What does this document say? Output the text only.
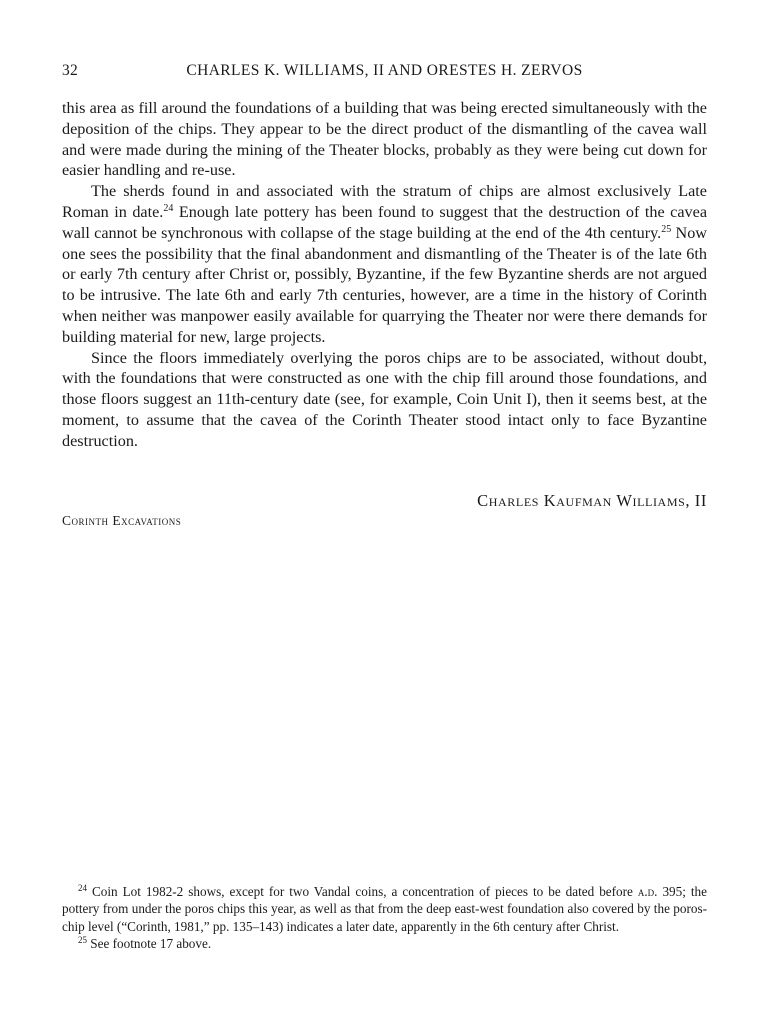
32	CHARLES K. WILLIAMS, II AND ORESTES H. ZERVOS

this area as fill around the foundations of a building that was being erected simultaneously with the deposition of the chips. They appear to be the direct product of the dismantling of the cavea wall and were made during the mining of the Theater blocks, probably as they were being cut down for easier handling and re-use.

The sherds found in and associated with the stratum of chips are almost exclusively Late Roman in date.$^{24}$ Enough late pottery has been found to suggest that the destruction of the cavea wall cannot be synchronous with collapse of the stage building at the end of the 4th century.$^{25}$ Now one sees the possibility that the final abandonment and dismantling of the Theater is of the late 6th or early 7th century after Christ or, possibly, Byzantine, if the few Byzantine sherds are not argued to be intrusive. The late 6th and early 7th centuries, however, are a time in the history of Corinth when neither was manpower easily available for quarrying the Theater nor were there demands for building material for new, large projects.

Since the floors immediately overlying the poros chips are to be associated, without doubt, with the foundations that were constructed as one with the chip fill around those foundations, and those floors suggest an 11th-century date (see, for example, Coin Unit I), then it seems best, at the moment, to assume that the cavea of the Corinth Theater stood intact only to face Byzantine destruction.

Charles Kaufman Williams, II
Corinth Excavations

$^{24}$ Coin Lot 1982-2 shows, except for two Vandal coins, a concentration of pieces to be dated before a.d. 395; the pottery from under the poros chips this year, as well as that from the deep east-west foundation also covered by the poros-chip level (“Corinth, 1981,” pp. 135–143) indicates a later date, apparently in the 6th century after Christ.

$^{25}$ See footnote 17 above.
